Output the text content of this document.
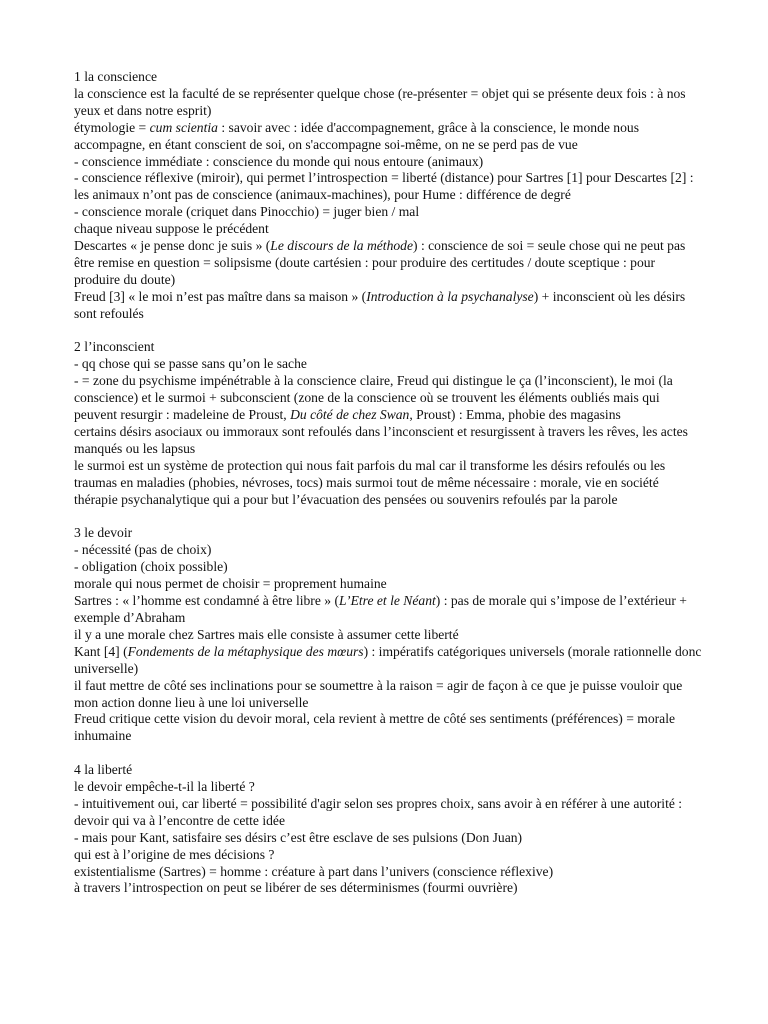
1 la conscience
la conscience est la faculté de se représenter quelque chose (re-présenter = objet qui se présente deux fois : à nos yeux et dans notre esprit)
étymologie = cum scientia : savoir avec : idée d'accompagnement, grâce à la conscience, le monde nous accompagne, en étant conscient de soi, on s'accompagne soi-même, on ne se perd pas de vue
- conscience immédiate : conscience du monde qui nous entoure (animaux)
- conscience réflexive (miroir), qui permet l’introspection = liberté (distance) pour Sartres [1] pour Descartes [2] : les animaux n’ont pas de conscience (animaux-machines), pour Hume : différence de degré
- conscience morale (criquet dans Pinocchio) = juger bien / mal
chaque niveau suppose le précédent
Descartes « je pense donc je suis » (Le discours de la méthode) : conscience de soi = seule chose qui ne peut pas être remise en question = solipsisme (doute cartésien : pour produire des certitudes / doute sceptique : pour produire du doute)
Freud [3] « le moi n’est pas maître dans sa maison » (Introduction à la psychanalyse) + inconscient où les désirs sont refoulés
2 l’inconscient
- qq chose qui se passe sans qu’on le sache
- = zone du psychisme impénétrable à la conscience claire, Freud qui distingue le ça (l’inconscient), le moi (la conscience) et le surmoi + subconscient (zone de la conscience où se trouvent les éléments oubliés mais qui peuvent resurgir : madeleine de Proust, Du côté de chez Swan, Proust) : Emma, phobie des magasins
certains désirs asociaux ou immoraux sont refoulés dans l’inconscient et resurgissent à travers les rêves, les actes manqués ou les lapsus
le surmoi est un système de protection qui nous fait parfois du mal car il transforme les désirs refoulés ou les traumas en maladies (phobies, névroses, tocs) mais surmoi tout de même nécessaire : morale, vie en société
thérapie psychanalytique qui a pour but l’évacuation des pensées ou souvenirs refoulés par la parole
3 le devoir
- nécessité (pas de choix)
- obligation (choix possible)
morale qui nous permet de choisir = proprement humaine
Sartres : « l’homme est condamné à être libre » (L’Etre et le Néant) : pas de morale qui s’impose de l’extérieur + exemple d’Abraham
il y a une morale chez Sartres mais elle consiste à assumer cette liberté
Kant [4] (Fondements de la métaphysique des mœurs) : impératifs catégoriques universels (morale rationnelle donc universelle)
il faut mettre de côté ses inclinations pour se soumettre à la raison = agir de façon à ce que je puisse vouloir que mon action donne lieu à une loi universelle
Freud critique cette vision du devoir moral, cela revient à mettre de côté ses sentiments (préférences) = morale inhumaine
4 la liberté
le devoir empêche-t-il la liberté ?
- intuitivement oui, car liberté = possibilité d'agir selon ses propres choix, sans avoir à en référer à une autorité : devoir qui va à l’encontre de cette idée
- mais pour Kant, satisfaire ses désirs c’est être esclave de ses pulsions (Don Juan)
qui est à l’origine de mes décisions ?
existentialisme (Sartres) = homme : créature à part dans l’univers (conscience réflexive)
à travers l’introspection on peut se libérer de ses déterminismes (fourmi ouvrière)
